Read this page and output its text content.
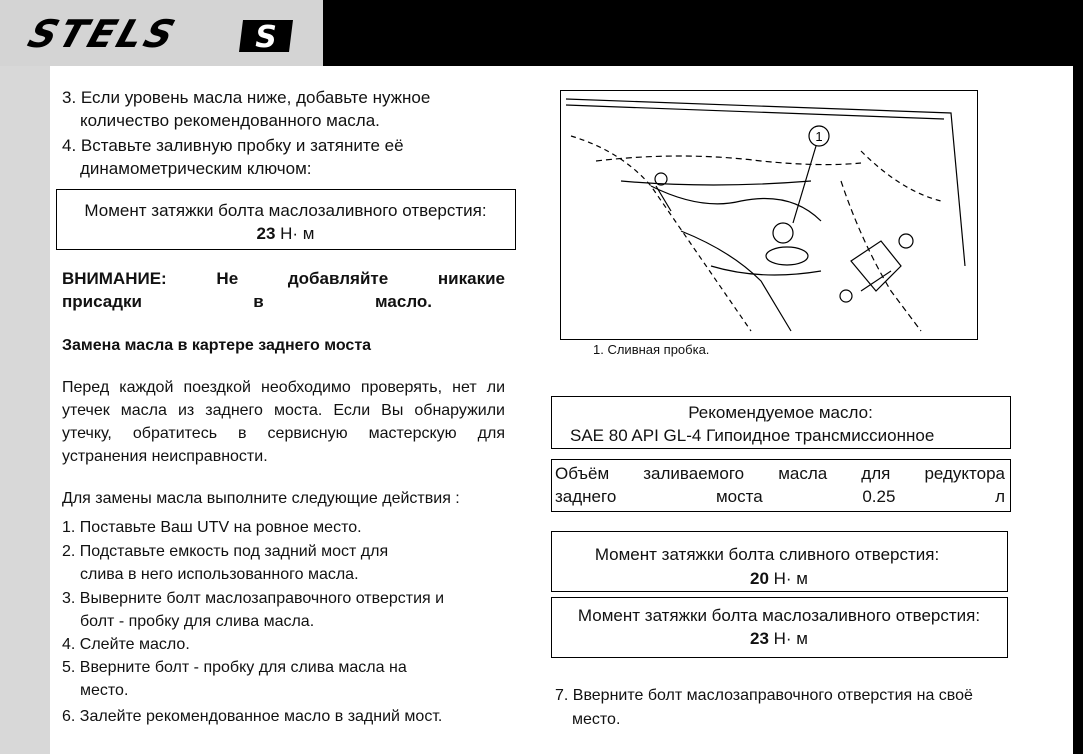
STELS S
3. Если уровень масла ниже, добавьте нужное
количество рекомендованного масла.
4. Вставьте заливную пробку и затяните её
динамометрическим ключом:
Момент затяжки болта маслозаливного отверстия:
23 Н· м
ВНИМАНИЕ: Не добавляйте никакие
присадки в масло.
Замена масла в картере заднего моста
Перед каждой поездкой необходимо проверять, нет ли
утечек масла из заднего моста. Если Вы обнаружили
утечку, обратитесь в сервисную мастерскую для
устранения неисправности.
Для замены масла выполните следующие действия :
1. Поставьте Ваш UTV на ровное место.
2. Подставьте емкость под задний мост для
слива в него использованного масла.
3. Выверните болт маслозаправочного отверстия и
болт - пробку для слива масла.
4. Слейте масло.
5. Вверните болт - пробку для слива масла на
место.
6. Залейте рекомендованное масло в задний мост.
1
1. Сливная пробка.
Рекомендуемое масло:
SAE 80 API GL-4 Гипоидное трансмиссионное
Объём заливаемого масла для редуктора
заднего моста 0.25 л
Момент затяжки болта сливного отверстия:
20 Н· м
Момент затяжки болта маслозаливного отверстия:
23 Н· м
7. Вверните болт маслозаправочного отверстия на своё
место.
